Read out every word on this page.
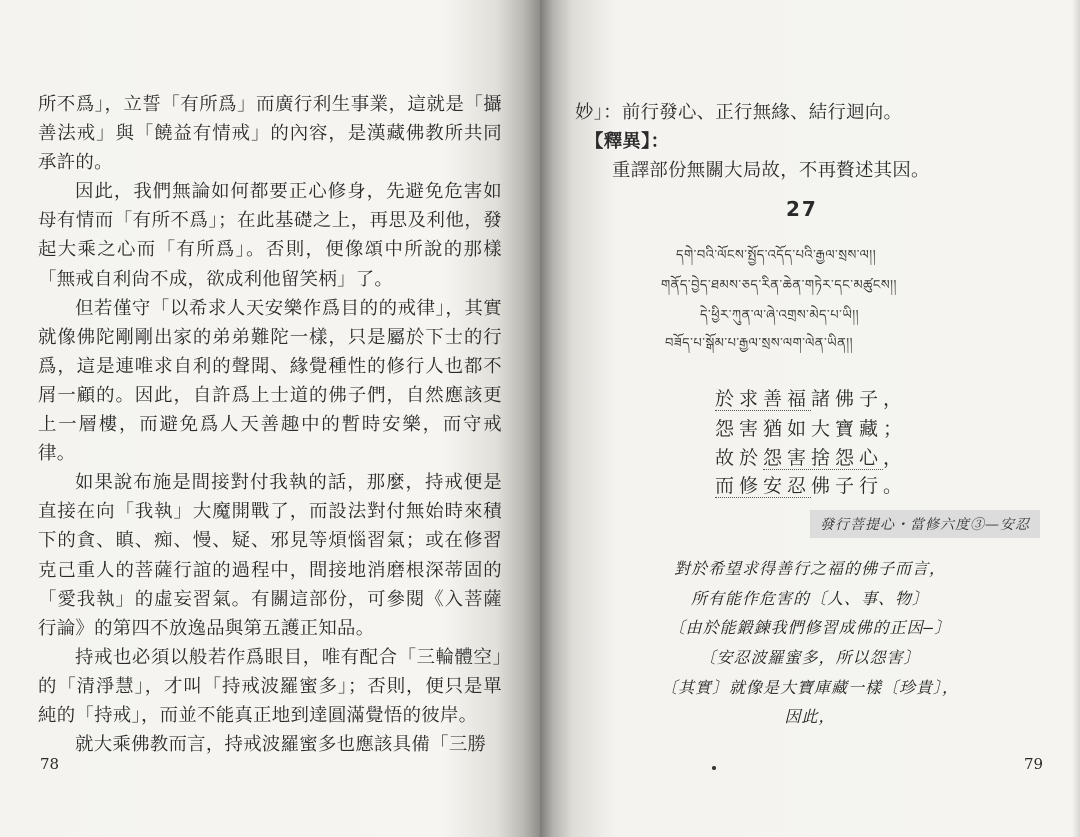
所不爲」，立誓「有所爲」而廣行利生事業，這就是「攝善法戒」與「饒益有情戒」的內容，是漢藏佛教所共同承許的。

因此，我們無論如何都要正心修身，先避免危害如母有情而「有所不爲」；在此基礎之上，再思及利他，發起大乘之心而「有所爲」。否則，便像頌中所說的那樣「無戒自利尙不成，欲成利他留笑柄」了。

但若僅守「以希求人天安樂作爲目的的戒律」，其實就像佛陀剛剛出家的弟弟難陀一樣，只是屬於下士的行爲，這是連唯求自利的聲聞、緣覺種性的修行人也都不屑一顧的。因此，自許爲上士道的佛子們，自然應該更上一層樓，而避免爲人天善趣中的暫時安樂，而守戒律。

如果說布施是間接對付我執的話，那麼，持戒便是直接在向「我執」大魔開戰了，而設法對付無始時來積下的貪、瞋、痴、慢、疑、邪見等煩惱習氣；或在修習克己重人的菩薩行誼的過程中，間接地消磨根深蒂固的「愛我執」的虛妄習氣。有關這部份，可參閱《入菩薩行論》的第四不放逸品與第五護正知品。

持戒也必須以般若作爲眼目，唯有配合「三輪體空」的「清淨慧」，才叫「持戒波羅蜜多」；否則，便只是單純的「持戒」，而並不能真正地到達圓滿覺悟的彼岸。

就大乘佛教而言，持戒波羅蜜多也應該具備「三勝

78
妙」：前行發心、正行無緣、結行迴向。
【釋異】：
重譯部份無關大局故，不再贅述其因。
27
དགེ་བའི་ལོངས་སྤྱོད་འདོད་པའི་རྒྱལ་སྲས་ལ།།
གནོད་བྱེད་ཐམས་ཅད་རིན་ཆེན་གཏེར་དང་མཚུངས།།
དེ་ཕྱིར་ཀུན་ལ་ཞེ་འགྲས་མེད་པ་ཡི།།
བཟོད་པ་སྒོམ་པ་རྒྱལ་སྲས་ལག་ལེན་ཡིན།།
於求善福諸佛子，
怨害猶如大寶藏；
故於怨害捨怨心，
而修安忍佛子行。
發行菩提心・當修六度③—安忍
對於希望求得善行之福的佛子而言，
所有能作危害的〔人、事、物〕
〔由於能鍛鍊我們修習成佛的正因—〕
〔安忍波羅蜜多，所以怨害〕
〔其實〕就像是大寶庫藏一樣〔珍貴〕，
因此，
79
